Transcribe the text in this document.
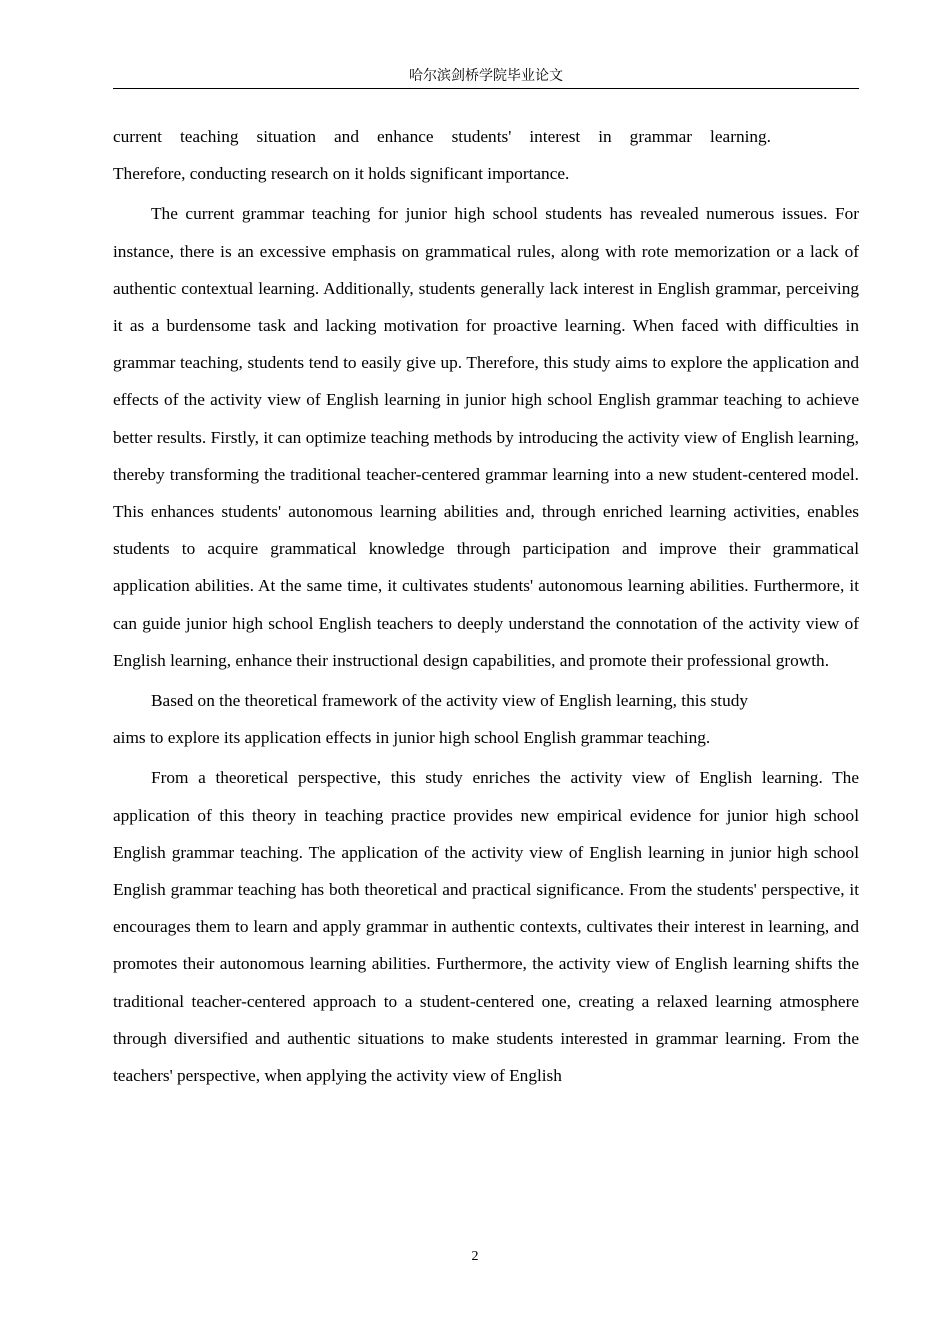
哈尔滨剑桥学院毕业论文

current teaching situation and enhance students' interest in grammar learning.

Therefore, conducting research on it holds significant importance.

The current grammar teaching for junior high school students has revealed numerous issues. For instance, there is an excessive emphasis on grammatical rules, along with rote memorization or a lack of authentic contextual learning. Additionally, students generally lack interest in English grammar, perceiving it as a burdensome task and lacking motivation for proactive learning. When faced with difficulties in grammar teaching, students tend to easily give up. Therefore, this study aims to explore the application and effects of the activity view of English learning in junior high school English grammar teaching to achieve better results. Firstly, it can optimize teaching methods by introducing the activity view of English learning, thereby transforming the traditional teacher-centered grammar learning into a new student-centered model. This enhances students' autonomous learning abilities and, through enriched learning activities, enables students to acquire grammatical knowledge through participation and improve their grammatical application abilities. At the same time, it cultivates students' autonomous learning abilities. Furthermore, it can guide junior high school English teachers to deeply understand the connotation of the activity view of English learning, enhance their instructional design capabilities, and promote their professional growth.

Based on the theoretical framework of the activity view of English learning, this study

aims to explore its application effects in junior high school English grammar teaching.

From a theoretical perspective, this study enriches the activity view of English learning. The application of this theory in teaching practice provides new empirical evidence for junior high school English grammar teaching. The application of the activity view of English learning in junior high school English grammar teaching has both theoretical and practical significance. From the students' perspective, it encourages them to learn and apply grammar in authentic contexts, cultivates their interest in learning, and promotes their autonomous learning abilities. Furthermore, the activity view of English learning shifts the traditional teacher-centered approach to a student-centered one, creating a relaxed learning atmosphere through diversified and authentic situations to make students interested in grammar learning. From the teachers' perspective, when applying the activity view of English

2
